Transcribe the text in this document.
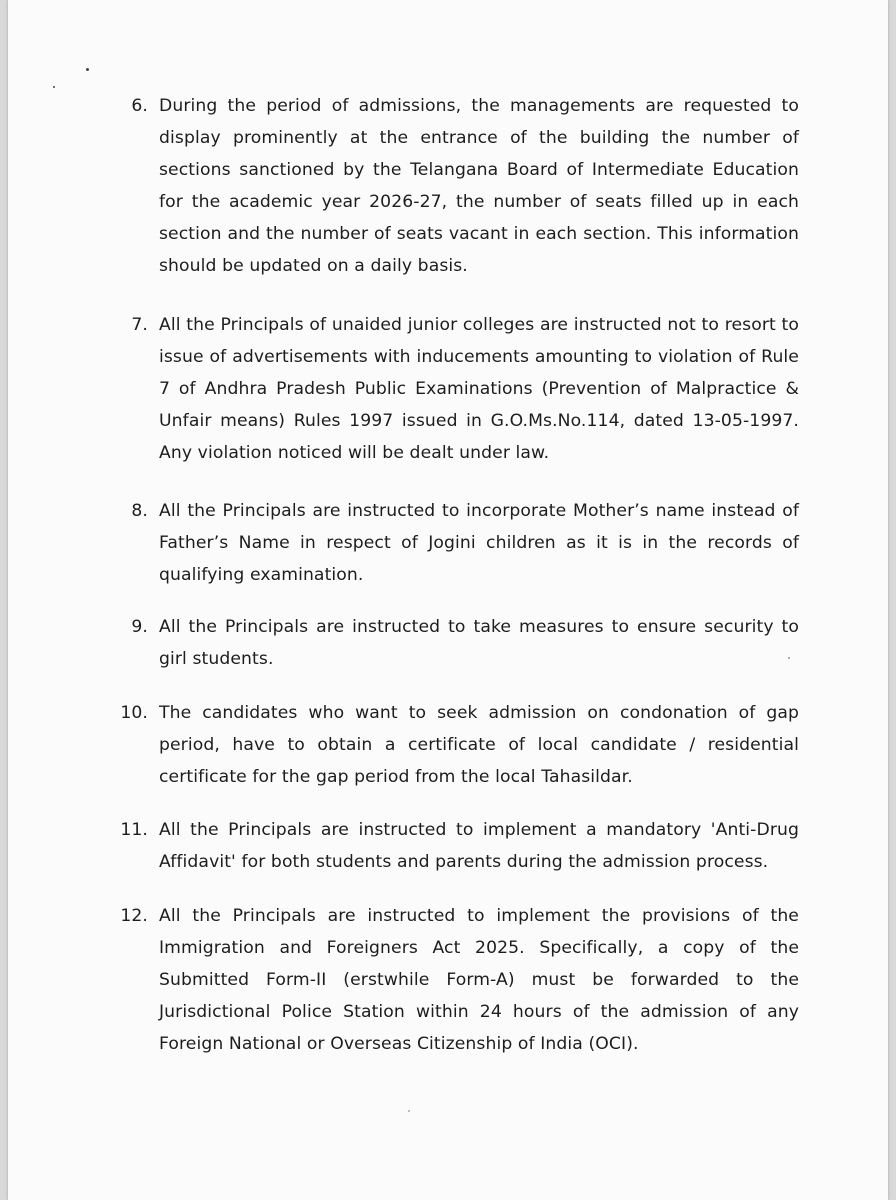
6. During the period of admissions, the managements are requested to display prominently at the entrance of the building the number of sections sanctioned by the Telangana Board of Intermediate Education for the academic year 2026-27, the number of seats filled up in each section and the number of seats vacant in each section. This information should be updated on a daily basis.
7. All the Principals of unaided junior colleges are instructed not to resort to issue of advertisements with inducements amounting to violation of Rule 7 of Andhra Pradesh Public Examinations (Prevention of Malpractice & Unfair means) Rules 1997 issued in G.O.Ms.No.114, dated 13-05-1997. Any violation noticed will be dealt under law.
8. All the Principals are instructed to incorporate Mother’s name instead of Father’s Name in respect of Jogini children as it is in the records of qualifying examination.
9. All the Principals are instructed to take measures to ensure security to girl students.
10. The candidates who want to seek admission on condonation of gap period, have to obtain a certificate of local candidate / residential certificate for the gap period from the local Tahasildar.
11. All the Principals are instructed to implement a mandatory 'Anti-Drug Affidavit' for both students and parents during the admission process.
12. All the Principals are instructed to implement the provisions of the Immigration and Foreigners Act 2025. Specifically, a copy of the Submitted Form-II (erstwhile Form-A) must be forwarded to the Jurisdictional Police Station within 24 hours of the admission of any Foreign National or Overseas Citizenship of India (OCI).
